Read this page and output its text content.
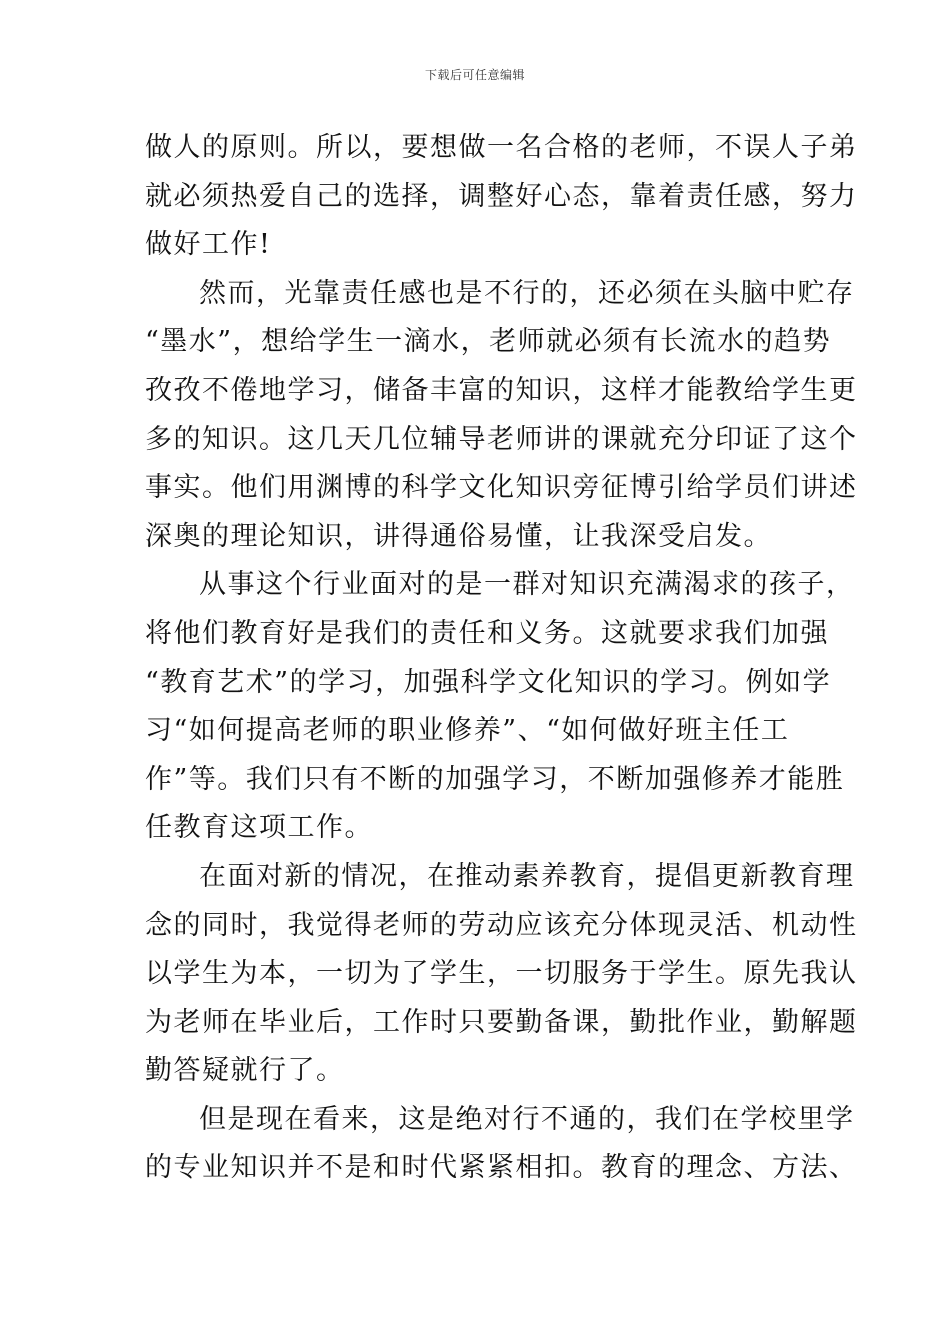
下载后可任意编辑
做人的原则。所以，要想做一名合格的老师，不误人子弟
就必须热爱自己的选择，调整好心态，靠着责任感，努力
做好工作!
然而，光靠责任感也是不行的，还必须在头脑中贮存
“墨水”，想给学生一滴水，老师就必须有长流水的趋势
孜孜不倦地学习，储备丰富的知识，这样才能教给学生更
多的知识。这几天几位辅导老师讲的课就充分印证了这个
事实。他们用渊博的科学文化知识旁征博引给学员们讲述
深奥的理论知识，讲得通俗易懂，让我深受启发。
从事这个行业面对的是一群对知识充满渴求的孩子，
将他们教育好是我们的责任和义务。这就要求我们加强
“教育艺术”的学习，加强科学文化知识的学习。例如学
习“如何提高老师的职业修养”、“如何做好班主任工
作”等。我们只有不断的加强学习，不断加强修养才能胜
任教育这项工作。
在面对新的情况，在推动素养教育，提倡更新教育理
念的同时，我觉得老师的劳动应该充分体现灵活、机动性
以学生为本，一切为了学生，一切服务于学生。原先我认
为老师在毕业后，工作时只要勤备课，勤批作业，勤解题
勤答疑就行了。
但是现在看来，这是绝对行不通的，我们在学校里学
的专业知识并不是和时代紧紧相扣。教育的理念、方法、
